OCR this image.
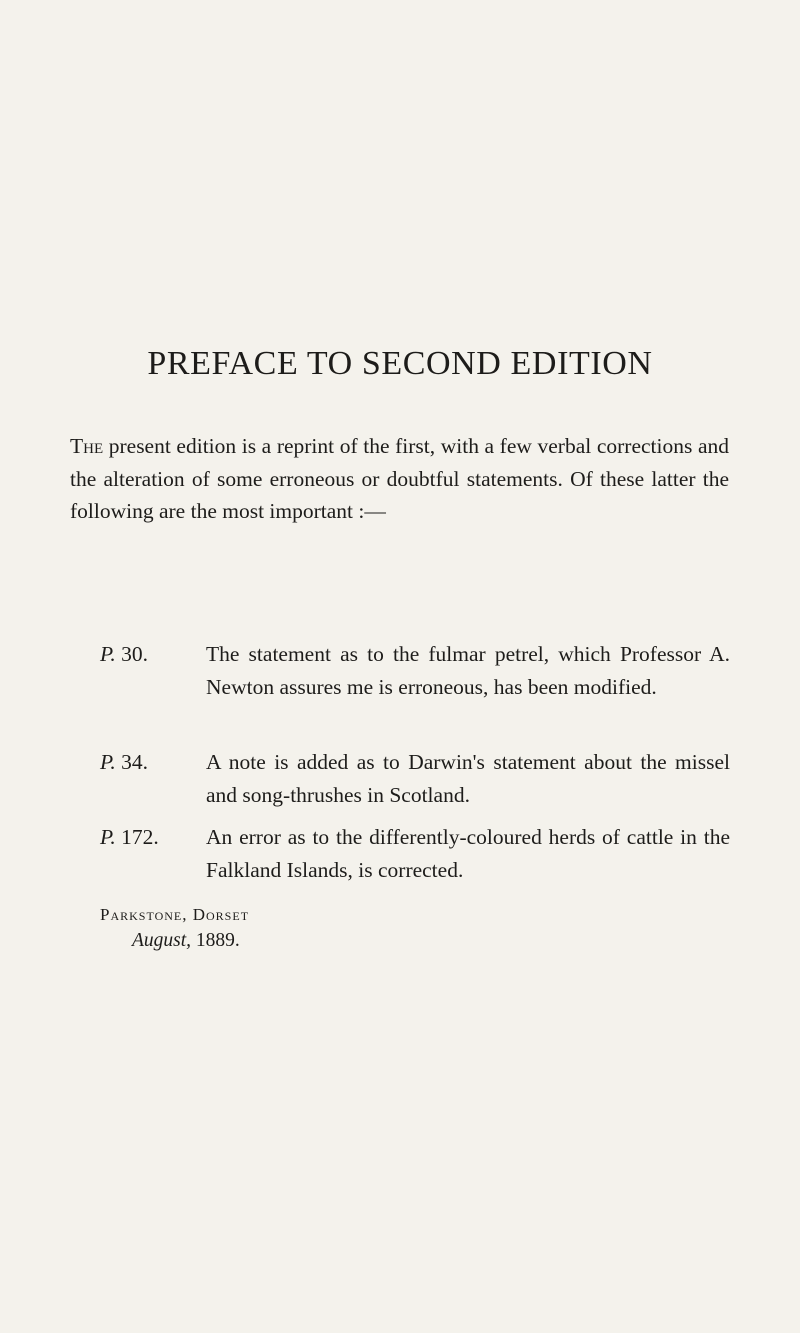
PREFACE TO SECOND EDITION

The present edition is a reprint of the first, with a few verbal corrections and the alteration of some erroneous or doubtful statements. Of these latter the following are the most important :—

P. 30.	The statement as to the fulmar petrel, which Professor A. Newton assures me is erroneous, has been modified.
P. 34.	A note is added as to Darwin's statement about the missel and song-thrushes in Scotland.
P. 172.	An error as to the differently-coloured herds of cattle in the Falkland Islands, is corrected.

Parkstone, Dorset

August, 1889.
